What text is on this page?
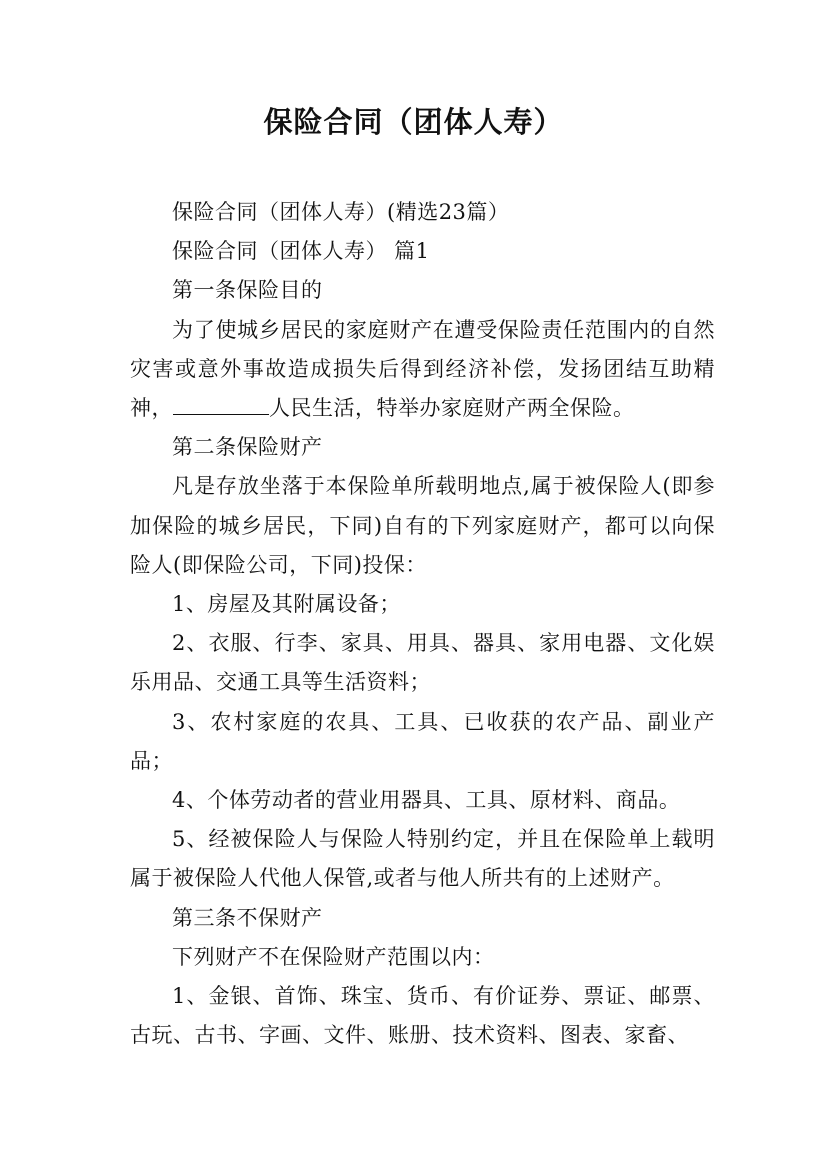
保险合同（团体人寿）

保险合同（团体人寿）(精选23篇）

保险合同（团体人寿） 篇1

第一条保险目的

为了使城乡居民的家庭财产在遭受保险责任范围内的自然灾害或意外事故造成损失后得到经济补偿，发扬团结互助精神，	人民生活，特举办家庭财产两全保险。

第二条保险财产

凡是存放坐落于本保险单所载明地点,属于被保险人(即参加保险的城乡居民，下同)自有的下列家庭财产，都可以向保险人(即保险公司，下同)投保：

1、房屋及其附属设备；

2、衣服、行李、家具、用具、器具、家用电器、文化娱乐用品、交通工具等生活资料；

3、农村家庭的农具、工具、已收获的农产品、副业产品；

4、个体劳动者的营业用器具、工具、原材料、商品。

5、经被保险人与保险人特别约定，并且在保险单上载明属于被保险人代他人保管,或者与他人所共有的上述财产。

第三条不保财产

下列财产不在保险财产范围以内：

1、金银、首饰、珠宝、货币、有价证券、票证、邮票、古玩、古书、字画、文件、账册、技术资料、图表、家畜、
